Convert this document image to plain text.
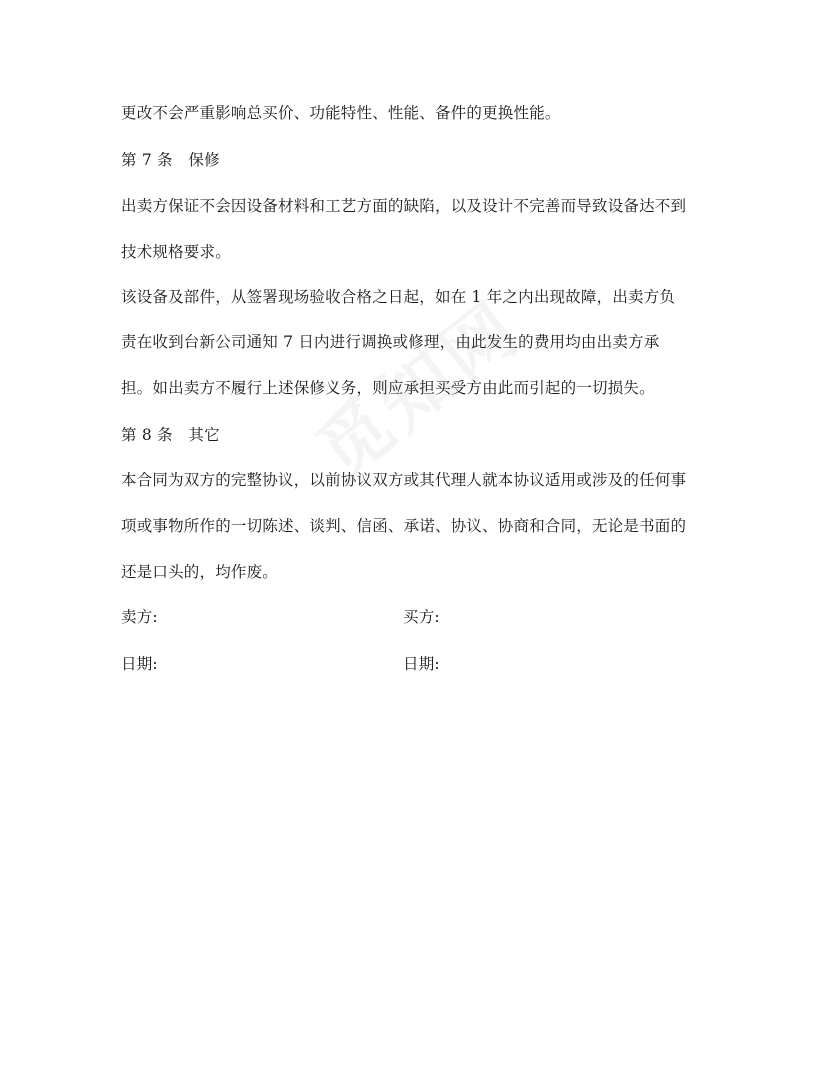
更改不会严重影响总买价、功能特性、性能、备件的更换性能。
第 7 条　保修
出卖方保证不会因设备材料和工艺方面的缺陷，以及设计不完善而导致设备达不到
技术规格要求。
该设备及部件，从签署现场验收合格之日起，如在 1 年之内出现故障，出卖方负
责在收到台新公司通知 7 日内进行调换或修理，由此发生的费用均由出卖方承
担。如出卖方不履行上述保修义务，则应承担买受方由此而引起的一切损失。
第 8 条　其它
本合同为双方的完整协议，以前协议双方或其代理人就本协议适用或涉及的任何事
项或事物所作的一切陈述、谈判、信函、承诺、协议、协商和合同，无论是书面的
还是口头的，均作废。
卖方:	买方:
日期:	日期:
